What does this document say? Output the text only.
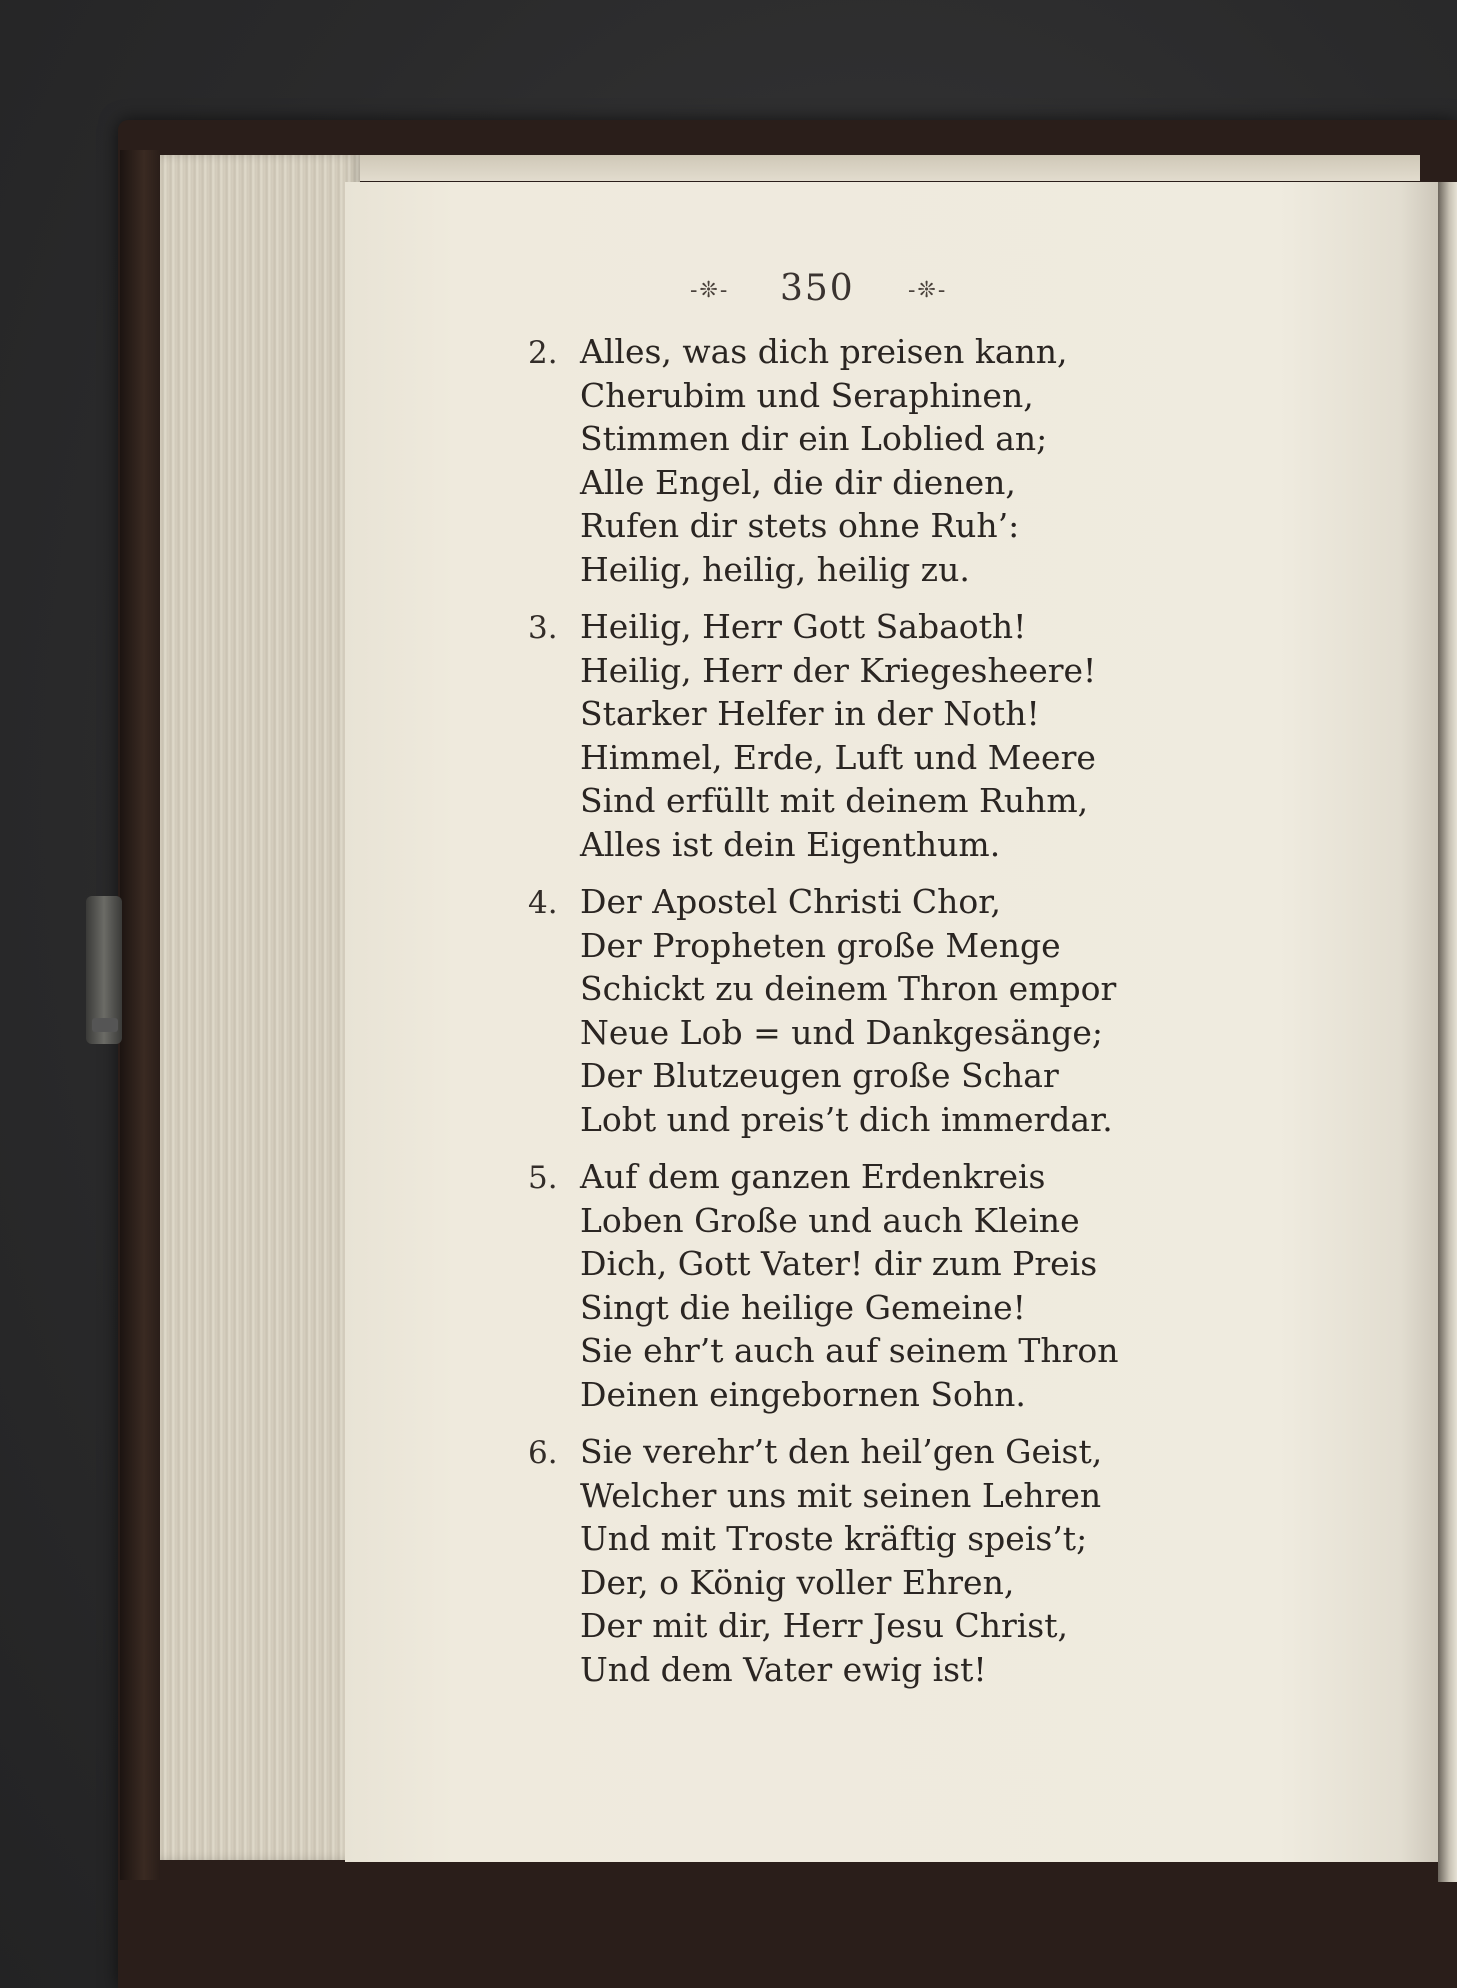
-❊- 350 -❊-
2. Alles, was dich preisen kann,
Cherubim und Seraphinen,
Stimmen dir ein Loblied an;
Alle Engel, die dir dienen,
Rufen dir stets ohne Ruh’:
Heilig, heilig, heilig zu.
3. Heilig, Herr Gott Sabaoth!
Heilig, Herr der Kriegesheere!
Starker Helfer in der Noth!
Himmel, Erde, Luft und Meere
Sind erfüllt mit deinem Ruhm,
Alles ist dein Eigenthum.
4. Der Apostel Christi Chor,
Der Propheten große Menge
Schickt zu deinem Thron empor
Neue Lob = und Dankgesänge;
Der Blutzeugen große Schar
Lobt und preis’t dich immerdar.
5. Auf dem ganzen Erdenkreis
Loben Große und auch Kleine
Dich, Gott Vater! dir zum Preis
Singt die heilige Gemeine!
Sie ehr’t auch auf seinem Thron
Deinen eingebornen Sohn.
6. Sie verehr’t den heil’gen Geist,
Welcher uns mit seinen Lehren
Und mit Troste kräftig speis’t;
Der, o König voller Ehren,
Der mit dir, Herr Jesu Christ,
Und dem Vater ewig ist!
